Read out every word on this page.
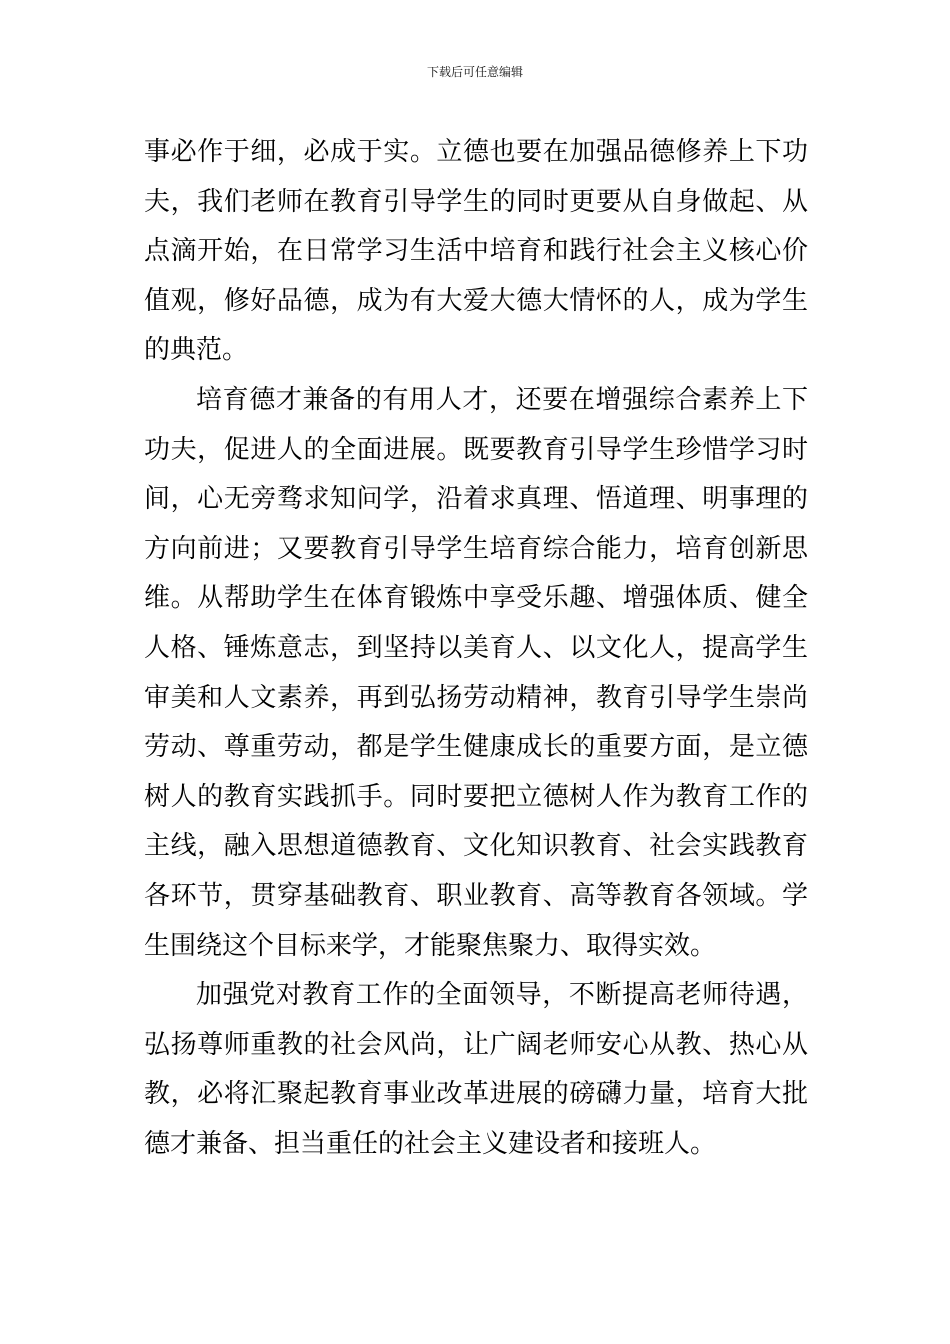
下载后可任意编辑

事必作于细，必成于实。立德也要在加强品德修养上下功夫，我们老师在教育引导学生的同时更要从自身做起、从点滴开始，在日常学习生活中培育和践行社会主义核心价值观，修好品德，成为有大爱大德大情怀的人，成为学生的典范。

培育德才兼备的有用人才，还要在增强综合素养上下功夫，促进人的全面进展。既要教育引导学生珍惜学习时间，心无旁骛求知问学，沿着求真理、悟道理、明事理的方向前进；又要教育引导学生培育综合能力，培育创新思维。从帮助学生在体育锻炼中享受乐趣、增强体质、健全人格、锤炼意志，到坚持以美育人、以文化人，提高学生审美和人文素养，再到弘扬劳动精神，教育引导学生崇尚劳动、尊重劳动，都是学生健康成长的重要方面，是立德树人的教育实践抓手。同时要把立德树人作为教育工作的主线，融入思想道德教育、文化知识教育、社会实践教育各环节，贯穿基础教育、职业教育、高等教育各领域。学生围绕这个目标来学，才能聚焦聚力、取得实效。

加强党对教育工作的全面领导，不断提高老师待遇，弘扬尊师重教的社会风尚，让广阔老师安心从教、热心从教，必将汇聚起教育事业改革进展的磅礴力量，培育大批德才兼备、担当重任的社会主义建设者和接班人。
